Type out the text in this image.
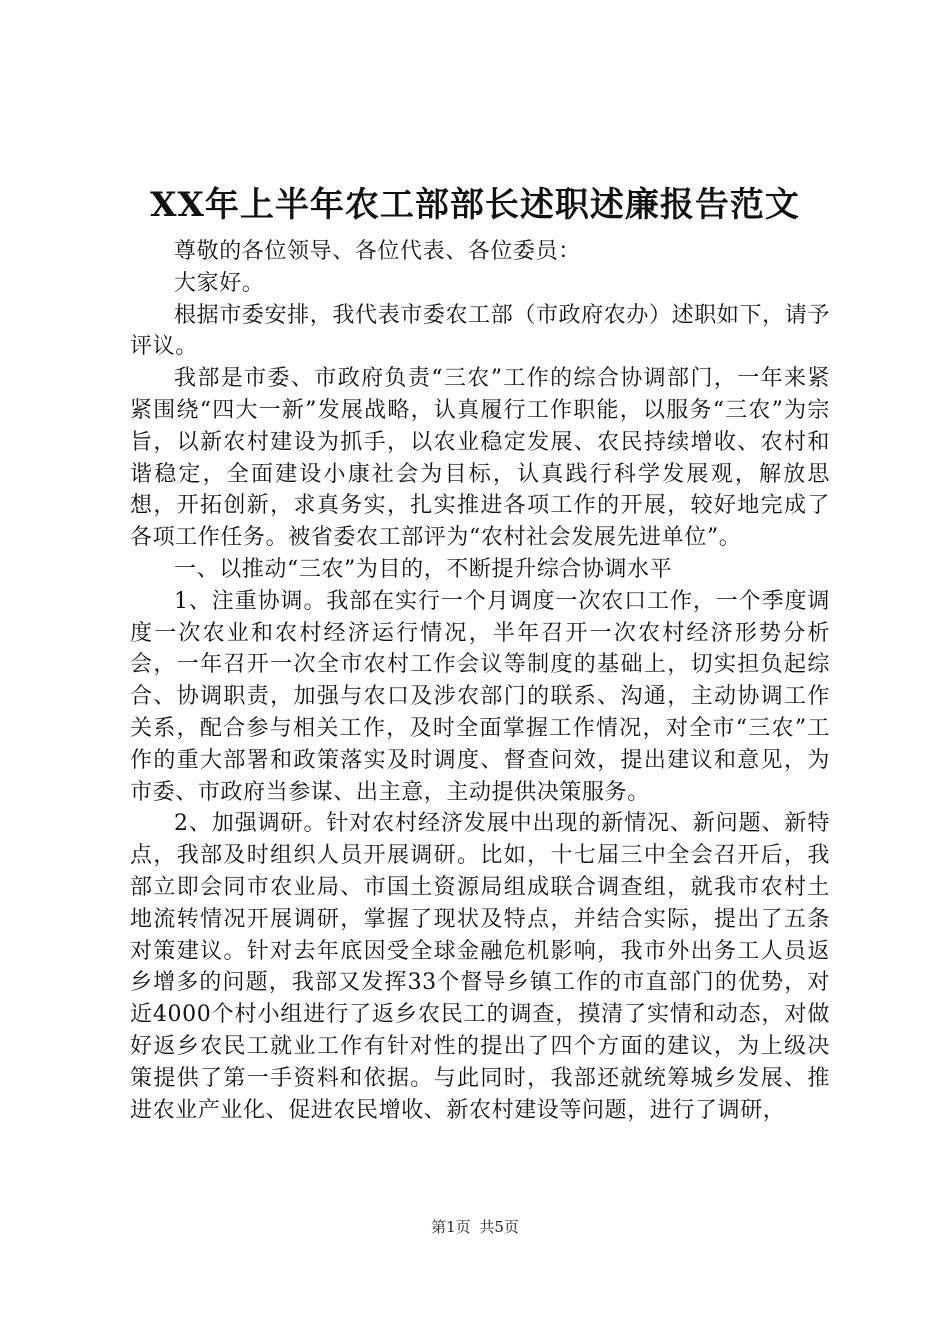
XX年上半年农工部部长述职述廉报告范文

尊敬的各位领导、各位代表、各位委员：

大家好。

根据市委安排，我代表市委农工部（市政府农办）述职如下，请予评议。

我部是市委、市政府负责“三农”工作的综合协调部门，一年来紧紧围绕“四大一新”发展战略，认真履行工作职能，以服务“三农”为宗旨，以新农村建设为抓手，以农业稳定发展、农民持续增收、农村和谐稳定，全面建设小康社会为目标，认真践行科学发展观，解放思想，开拓创新，求真务实，扎实推进各项工作的开展，较好地完成了各项工作任务。被省委农工部评为“农村社会发展先进单位”。

一、以推动“三农”为目的，不断提升综合协调水平

1、注重协调。我部在实行一个月调度一次农口工作，一个季度调度一次农业和农村经济运行情况，半年召开一次农村经济形势分析会，一年召开一次全市农村工作会议等制度的基础上，切实担负起综合、协调职责，加强与农口及涉农部门的联系、沟通，主动协调工作关系，配合参与相关工作，及时全面掌握工作情况，对全市“三农”工作的重大部署和政策落实及时调度、督查问效，提出建议和意见，为市委、市政府当参谋、出主意，主动提供决策服务。

2、加强调研。针对农村经济发展中出现的新情况、新问题、新特点，我部及时组织人员开展调研。比如，十七届三中全会召开后，我部立即会同市农业局、市国土资源局组成联合调查组，就我市农村土地流转情况开展调研，掌握了现状及特点，并结合实际，提出了五条对策建议。针对去年底因受全球金融危机影响，我市外出务工人员返乡增多的问题，我部又发挥33个督导乡镇工作的市直部门的优势，对近4000个村小组进行了返乡农民工的调查，摸清了实情和动态，对做好返乡农民工就业工作有针对性的提出了四个方面的建议，为上级决策提供了第一手资料和依据。与此同时，我部还就统筹城乡发展、推进农业产业化、促进农民增收、新农村建设等问题，进行了调研，

第1页 共5页
